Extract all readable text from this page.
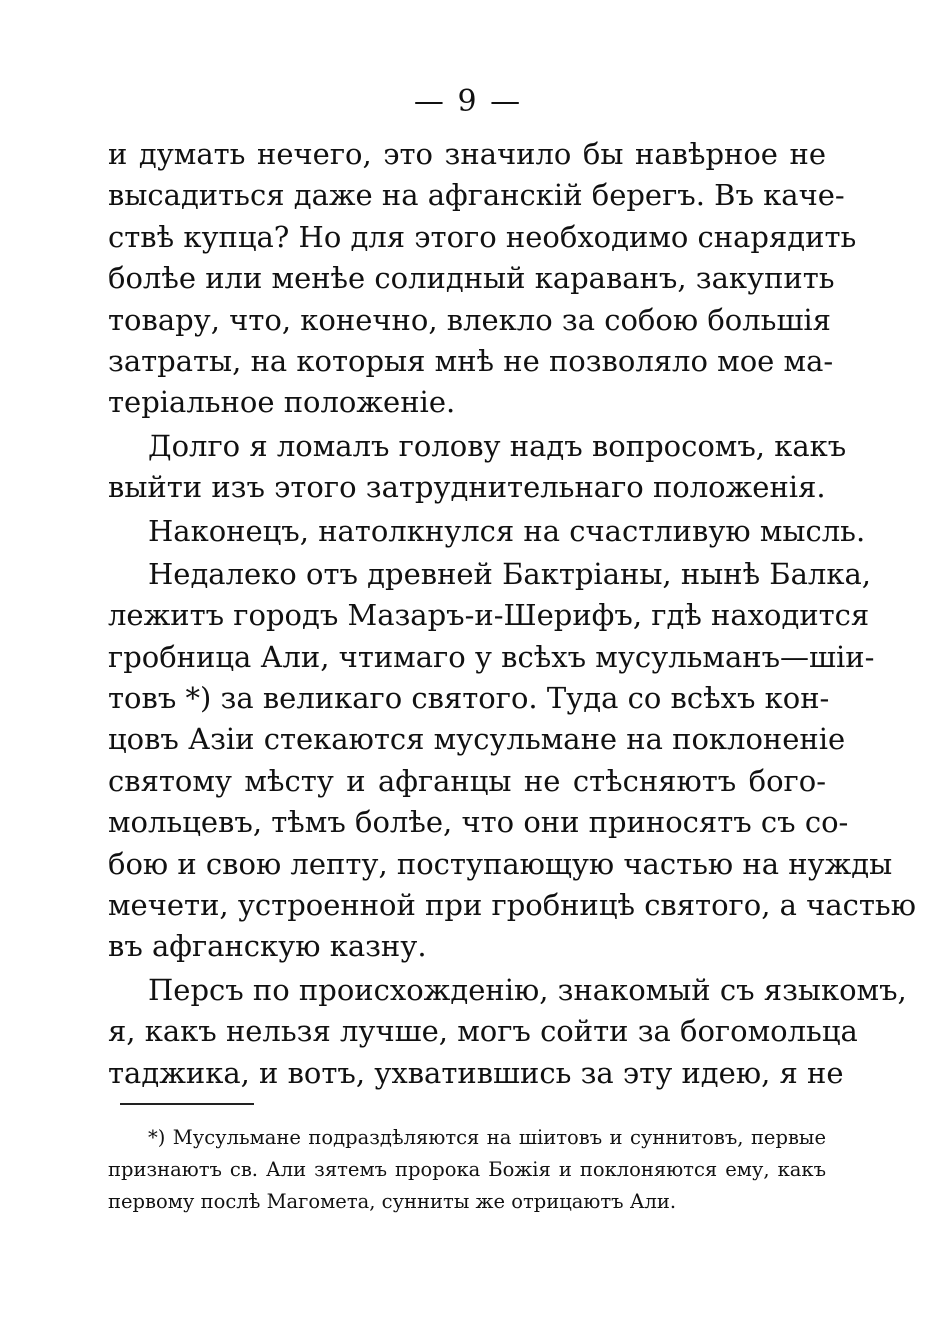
— 9 —
и думать нечего, это значило бы навѣрное не
высадиться даже на афганскій берегъ. Въ каче-
ствѣ купца? Но для этого необходимо снарядить
болѣе или менѣе солидный караванъ, закупить
товару, что, конечно, влекло за собою большія
затраты, на которыя мнѣ не позволяло мое ма-
теріальное положеніе.
Долго я ломалъ голову надъ вопросомъ, какъ
выйти изъ этого затруднительнаго положенія.
Наконецъ, натолкнулся на счастливую мысль.
Недалеко отъ древней Бактріаны, нынѣ Балка,
лежитъ городъ Мазаръ-и-Шерифъ, гдѣ находится
гробница Али, чтимаго у всѣхъ мусульманъ—шіи-
товъ *) за великаго святого. Туда со всѣхъ кон-
цовъ Азіи стекаются мусульмане на поклоненіе
святому мѣсту и афганцы не стѣсняютъ бого-
мольцевъ, тѣмъ болѣе, что они приносятъ съ со-
бою и свою лепту, поступающую частью на нужды
мечети, устроенной при гробницѣ святого, а частью
въ афганскую казну.
Персъ по происхожденію, знакомый съ языкомъ,
я, какъ нельзя лучше, могъ сойти за богомольца
таджика, и вотъ, ухватившись за эту идею, я не
*) Мусульмане подраздѣляются на шіитовъ и суннитовъ, первые
признаютъ св. Али зятемъ пророка Божія и поклоняются ему, какъ
первому послѣ Магомета, сунниты же отрицаютъ Али.
